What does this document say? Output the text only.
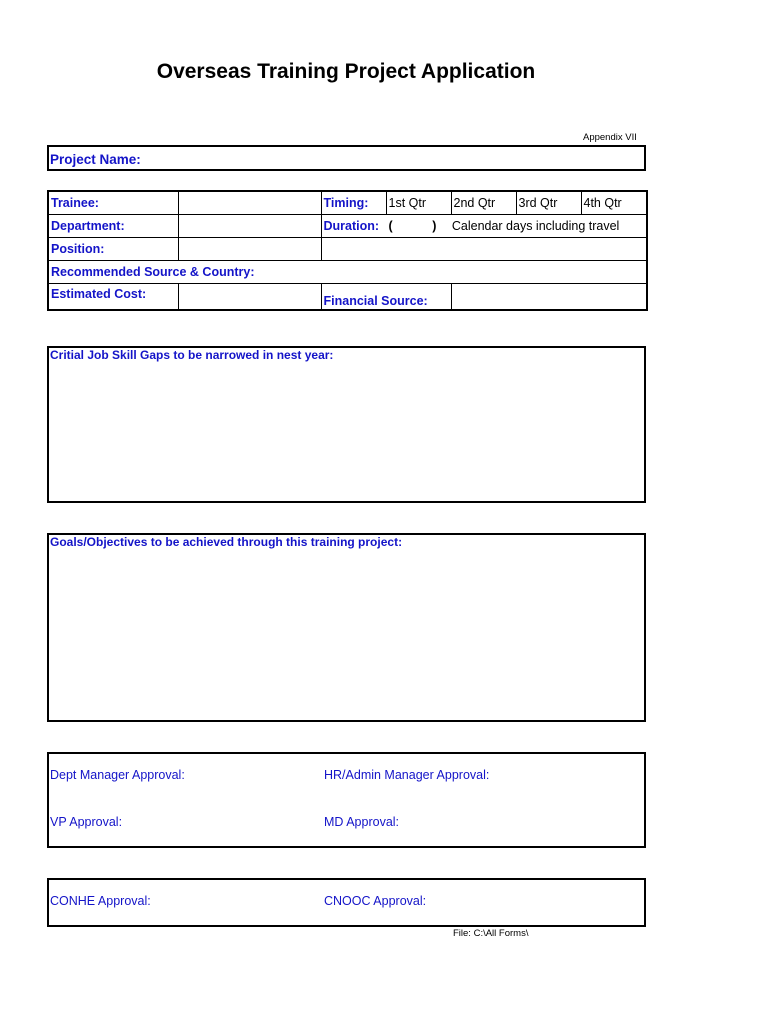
Overseas Training Project Application
Appendix VII
Project Name:
Trainee:		Timing:	1st Qtr	2nd Qtr	3rd Qtr	4th Qtr
Department:		Duration: ( ) Calendar days including travel				
Position:						
Recommended Source & Country:						
Estimated Cost:		Financial Source:				
Critial Job Skill Gaps to be narrowed in nest year:
Goals/Objectives to be achieved through this training project:
Dept Manager Approval:	HR/Admin Manager Approval:
VP Approval:	MD Approval:
CONHE Approval:	CNOOC Approval:
File: C:\All Forms\
